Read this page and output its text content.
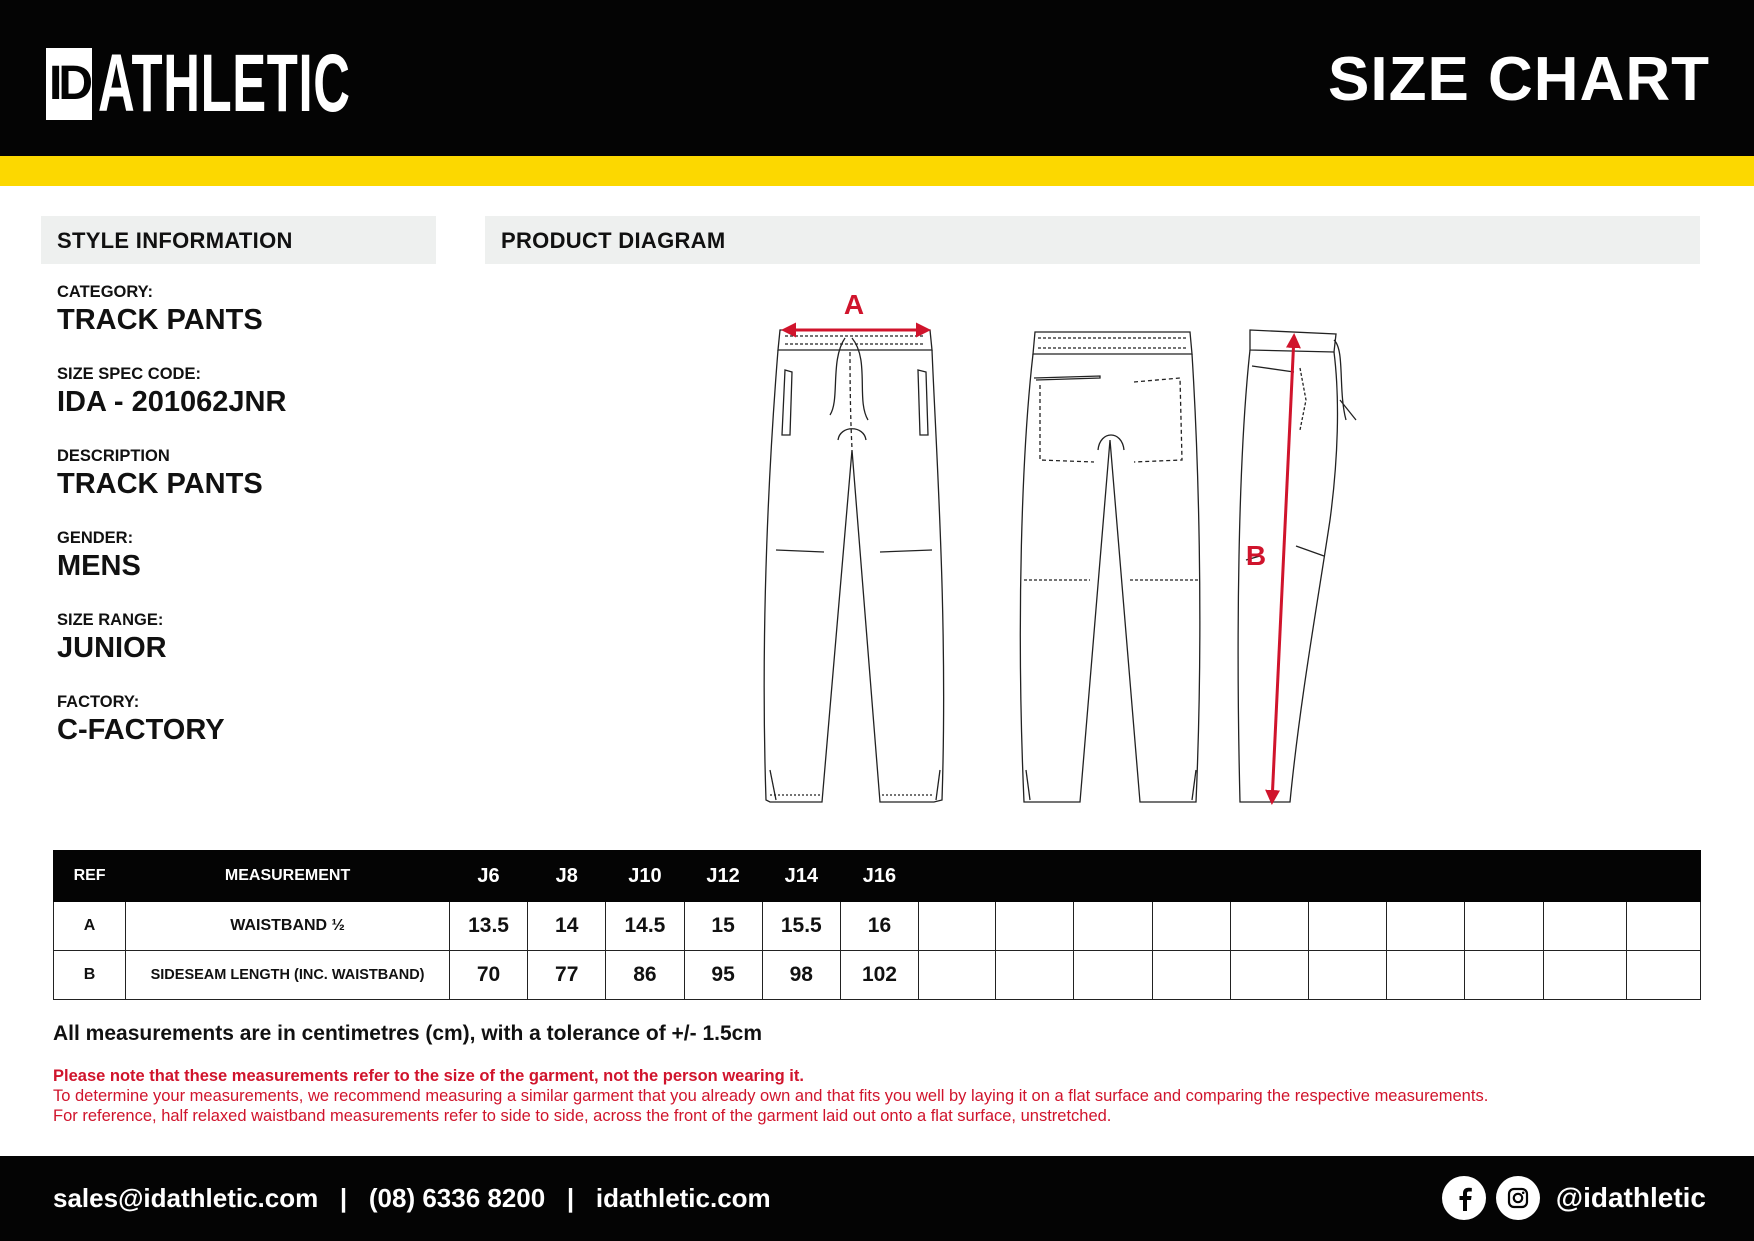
ID ATHLETIC	SIZE CHART
STYLE INFORMATION
CATEGORY:
TRACK PANTS
SIZE SPEC CODE:
IDA - 201062JNR
DESCRIPTION
TRACK PANTS
GENDER:
MENS
SIZE RANGE:
JUNIOR
FACTORY:
C-FACTORY
PRODUCT DIAGRAM
A
B
REF	MEASUREMENT	J6	J8	J10	J12	J14	J16										
A	WAISTBAND ½	13.5	14	14.5	15	15.5	16										
B	SIDESEAM LENGTH (INC. WAISTBAND)	70	77	86	95	98	102										
All measurements are in centimetres (cm), with a tolerance of +/- 1.5cm
Please note that these measurements refer to the size of the garment, not the person wearing it.
To determine your measurements, we recommend measuring a similar garment that you already own and that fits you well by laying it on a flat surface and comparing the respective measurements.
For reference, half relaxed waistband measurements refer to side to side, across the front of the garment laid out onto a flat surface, unstretched.
sales@idathletic.com   |   (08) 6336 8200   |   idathletic.com	@idathletic
